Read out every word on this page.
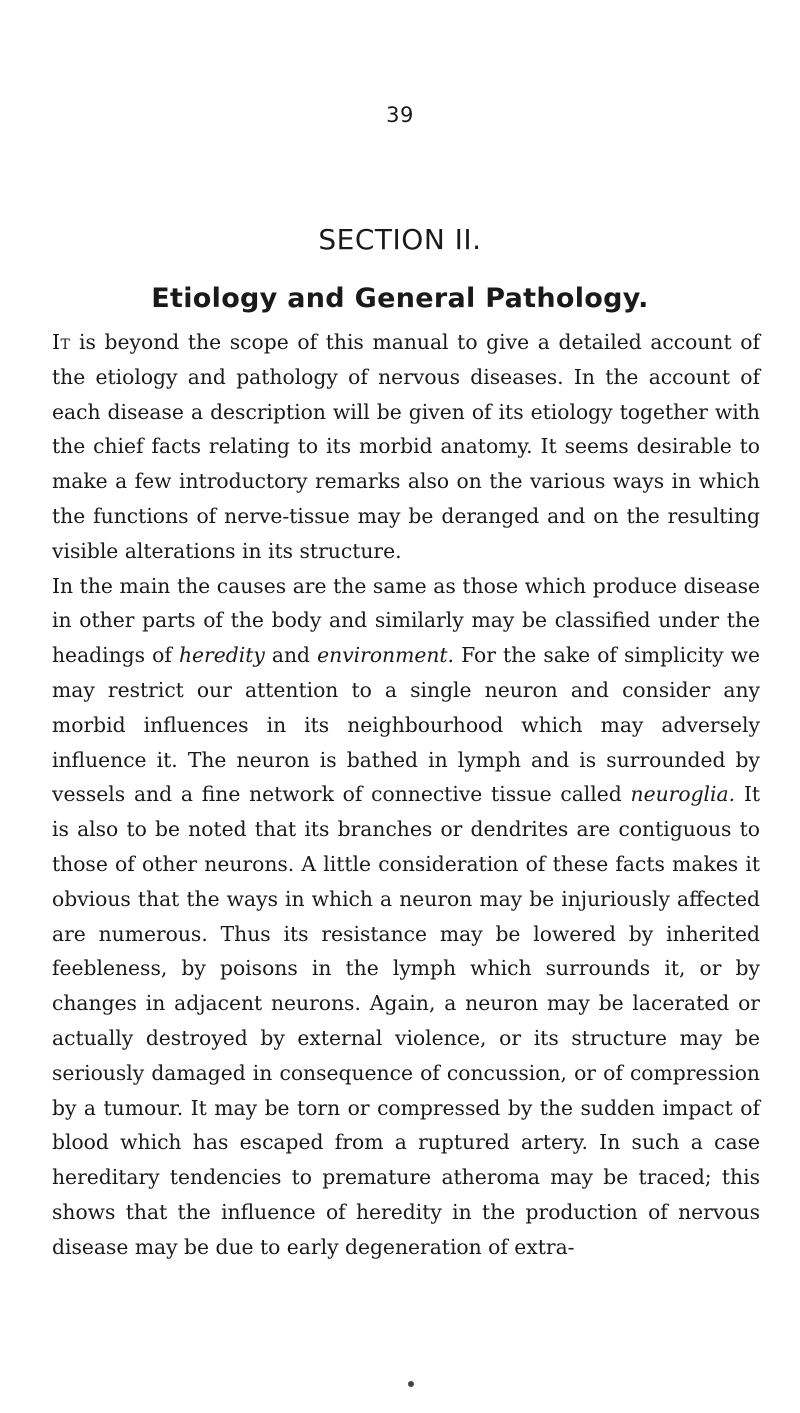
39
SECTION II.
Etiology and General Pathology.

It is beyond the scope of this manual to give a detailed account of the etiology and pathology of nervous diseases. In the account of each disease a description will be given of its etiology together with the chief facts relating to its morbid anatomy. It seems desirable to make a few introductory remarks also on the various ways in which the functions of nerve-tissue may be deranged and on the resulting visible alterations in its structure.

In the main the causes are the same as those which produce disease in other parts of the body and similarly may be classified under the headings of heredity and environment. For the sake of simplicity we may restrict our attention to a single neuron and consider any morbid influences in its neighbourhood which may adversely influence it. The neuron is bathed in lymph and is surrounded by vessels and a fine network of connective tissue called neuroglia. It is also to be noted that its branches or dendrites are contiguous to those of other neurons. A little consideration of these facts makes it obvious that the ways in which a neuron may be injuriously affected are numerous. Thus its resistance may be lowered by inherited feebleness, by poisons in the lymph which surrounds it, or by changes in adjacent neurons. Again, a neuron may be lacerated or actually destroyed by external violence, or its structure may be seriously damaged in consequence of concussion, or of compression by a tumour. It may be torn or compressed by the sudden impact of blood which has escaped from a ruptured artery. In such a case hereditary tendencies to premature atheroma may be traced; this shows that the influence of heredity in the production of nervous disease may be due to early degeneration of extra-
